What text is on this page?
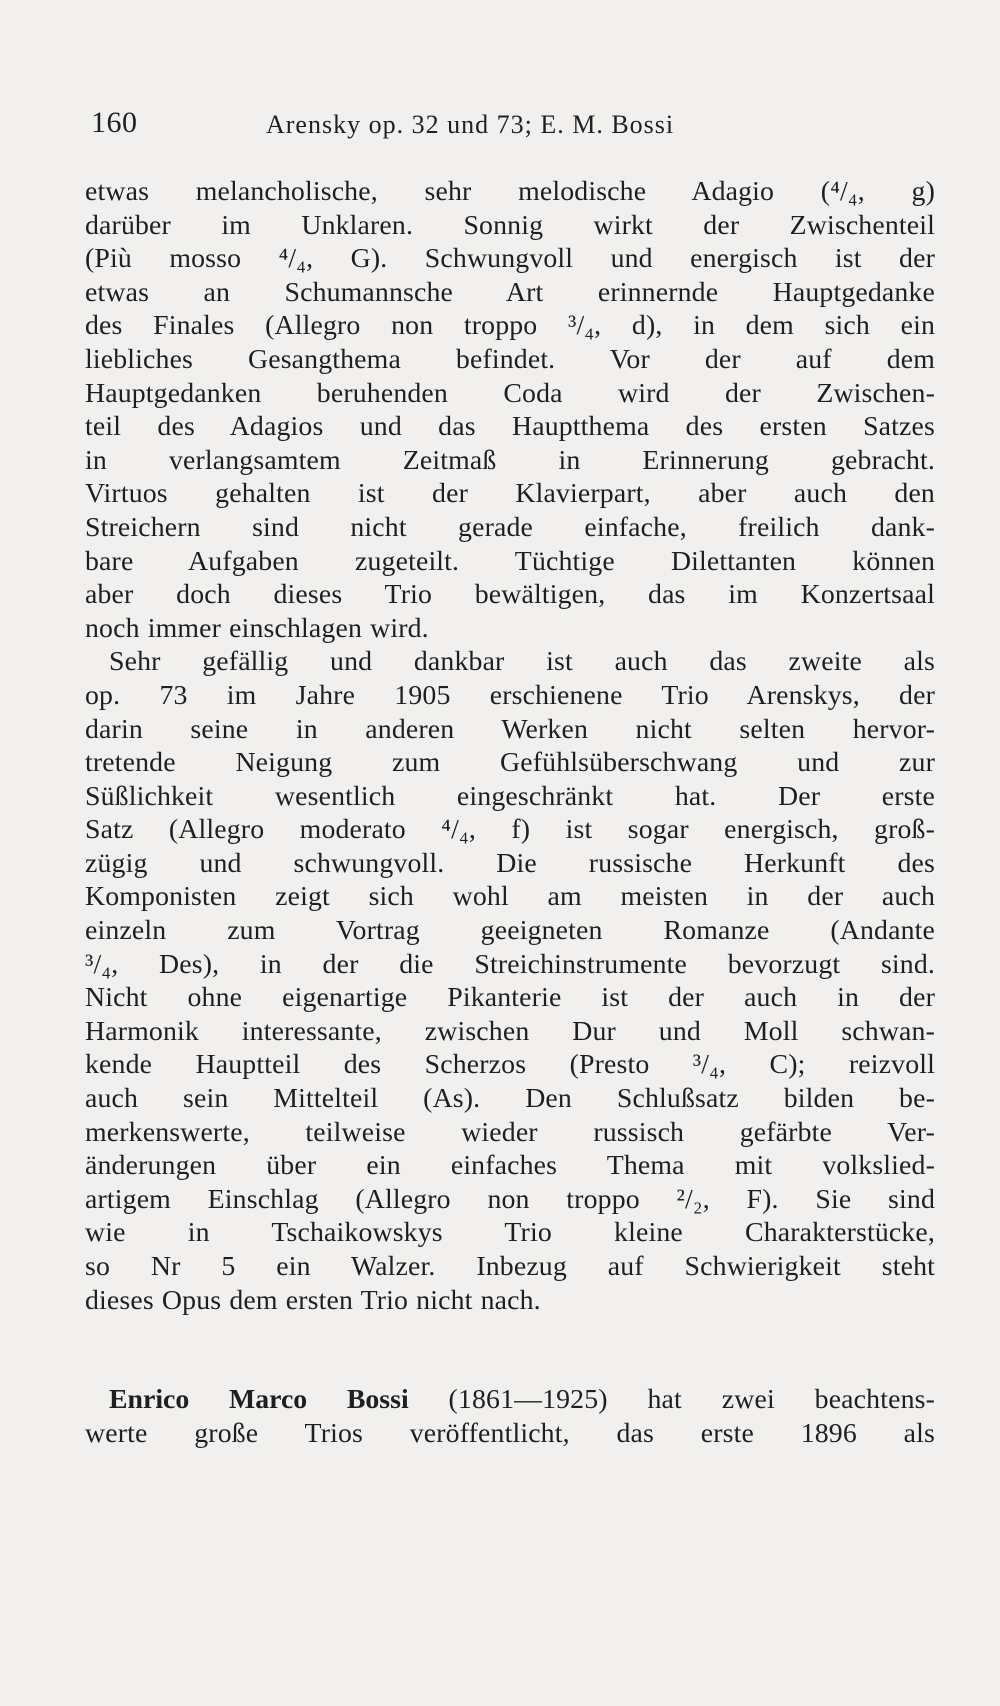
160	Arensky op. 32 und 73; E. M. Bossi
etwas melancholische, sehr melodische Adagio (⁴/₄, g)
darüber im Unklaren. Sonnig wirkt der Zwischenteil
(Più mosso ⁴/₄, G). Schwungvoll und energisch ist der
etwas an Schumannsche Art erinnernde Hauptgedanke
des Finales (Allegro non troppo ³/₄, d), in dem sich ein
liebliches Gesangthema befindet. Vor der auf dem
Hauptgedanken beruhenden Coda wird der Zwischen-
teil des Adagios und das Hauptthema des ersten Satzes
in verlangsamtem Zeitmaß in Erinnerung gebracht.
Virtuos gehalten ist der Klavierpart, aber auch den
Streichern sind nicht gerade einfache, freilich dank-
bare Aufgaben zugeteilt. Tüchtige Dilettanten können
aber doch dieses Trio bewältigen, das im Konzertsaal
noch immer einschlagen wird.
Sehr gefällig und dankbar ist auch das zweite als
op. 73 im Jahre 1905 erschienene Trio Arenskys, der
darin seine in anderen Werken nicht selten hervor-
tretende Neigung zum Gefühlsüberschwang und zur
Süßlichkeit wesentlich eingeschränkt hat. Der erste
Satz (Allegro moderato ⁴/₄, f) ist sogar energisch, groß-
zügig und schwungvoll. Die russische Herkunft des
Komponisten zeigt sich wohl am meisten in der auch
einzeln zum Vortrag geeigneten Romanze (Andante
³/₄, Des), in der die Streichinstrumente bevorzugt sind.
Nicht ohne eigenartige Pikanterie ist der auch in der
Harmonik interessante, zwischen Dur und Moll schwan-
kende Hauptteil des Scherzos (Presto ³/₄, C); reizvoll
auch sein Mittelteil (As). Den Schlußsatz bilden be-
merkenswerte, teilweise wieder russisch gefärbte Ver-
änderungen über ein einfaches Thema mit volkslied-
artigem Einschlag (Allegro non troppo ²/₂, F). Sie sind
wie in Tschaikowskys Trio kleine Charakterstücke,
so Nr 5 ein Walzer. Inbezug auf Schwierigkeit steht
dieses Opus dem ersten Trio nicht nach.
Enrico Marco Bossi (1861—1925) hat zwei beachtens-
werte große Trios veröffentlicht, das erste 1896 als
